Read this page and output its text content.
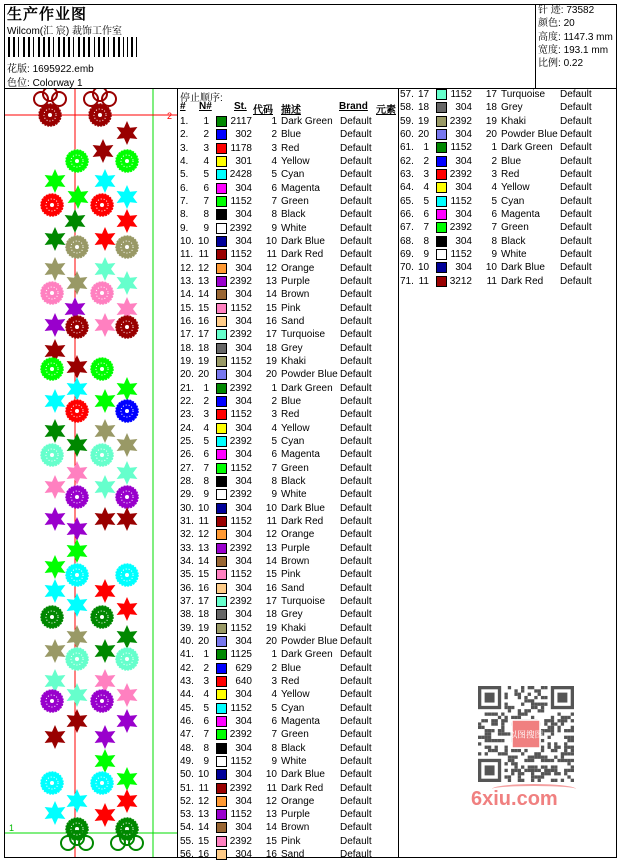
生产作业图
Wilcom(汇 宸) 裁饰工作室
花版: 1695922.emb
色位: Colorway 1
针 迹: 73582
颜色: 20
高度: 1147.3 mm
宽度: 193.1 mm
比例: 0.22
2
1
停止顺序:
# N# St. 代码 描述	Brand 元素
1.	1	2117	1 Dark Green Default
2.	2	302	2 Blue	Default
3.	3	1178	3 Red	Default
4.	4	301	4 Yellow	Default
5.	5 2428	5 Cyan	Default
6.	6	304	6 Magenta Default
7.	7	1152	7 Green	Default
8.	8	304	8 Black	Default
9.	9 2392	9 White	Default
10. 10	304 10 Dark Blue Default
11. 11	1152 11 Dark Red Default
12. 12	304 12 Orange	Default
13. 13 2392 13 Purple	Default
14. 14	304 14 Brown	Default
15. 15	1152 15 Pink	Default
16. 16	304 16 Sand	Default
17. 17 2392 17 Turquoise Default
18. 18	304 18 Grey	Default
19. 19	1152 19 Khaki	Default
20. 20	304 20 Powder Blue Default
21. 1 2392	1 Dark Green Default
22. 2	304	2 Blue	Default
23. 3	1152	3 Red	Default
24. 4	304	4 Yellow	Default
25. 5 2392	5 Cyan	Default
26. 6	304	6 Magenta Default
27. 7	1152	7 Green	Default
28. 8	304	8 Black	Default
29. 9 2392	9 White	Default
30. 10	304 10 Dark Blue Default
31. 11	1152 11 Dark Red Default
32. 12	304 12 Orange	Default
33. 13 2392 13 Purple	Default
34. 14	304 14 Brown	Default
35. 15	1152 15 Pink	Default
36. 16	304 16 Sand	Default
37. 17 2392 17 Turquoise Default
38. 18	304 18 Grey	Default
39. 19	1152 19 Khaki	Default
40. 20	304 20 Powder Blue Default
41. 1	1125	1 Dark Green Default
42. 2	629	2 Blue	Default
43. 3	640	3 Red	Default
44. 4	304	4 Yellow	Default
45. 5	1152	5 Cyan	Default
46. 6	304	6 Magenta Default
47. 7 2392	7 Green	Default
48. 8	304	8 Black	Default
49. 9	1152	9 White	Default
50. 10	304 10 Dark Blue Default
51. 11 2392 11 Dark Red Default
52. 12	304 12 Orange	Default
53. 13	1152 13 Purple	Default
54. 14	304 14 Brown	Default
55. 15 2392 15 Pink	Default
56. 16	304 16 Sand	Default
57. 17	1152 17 Turquoise Default
58. 18	304 18 Grey	Default
59. 19 2392 19 Khaki	Default
60. 20	304 20 Powder Blue Default
61. 1	1152	1 Dark Green Default
62. 2	304	2 Blue	Default
63. 3 2392	3 Red	Default
64. 4	304	4 Yellow	Default
65. 5	1152	5 Cyan	Default
66. 6	304	6 Magenta Default
67. 7 2392	7 Green	Default
68. 8	304	8 Black	Default
69. 9	1152	9 White	Default
70. 10	304 10 Dark Blue Default
71. 11 3212 11 Dark Red Default
以图搜图
6xiu.com
